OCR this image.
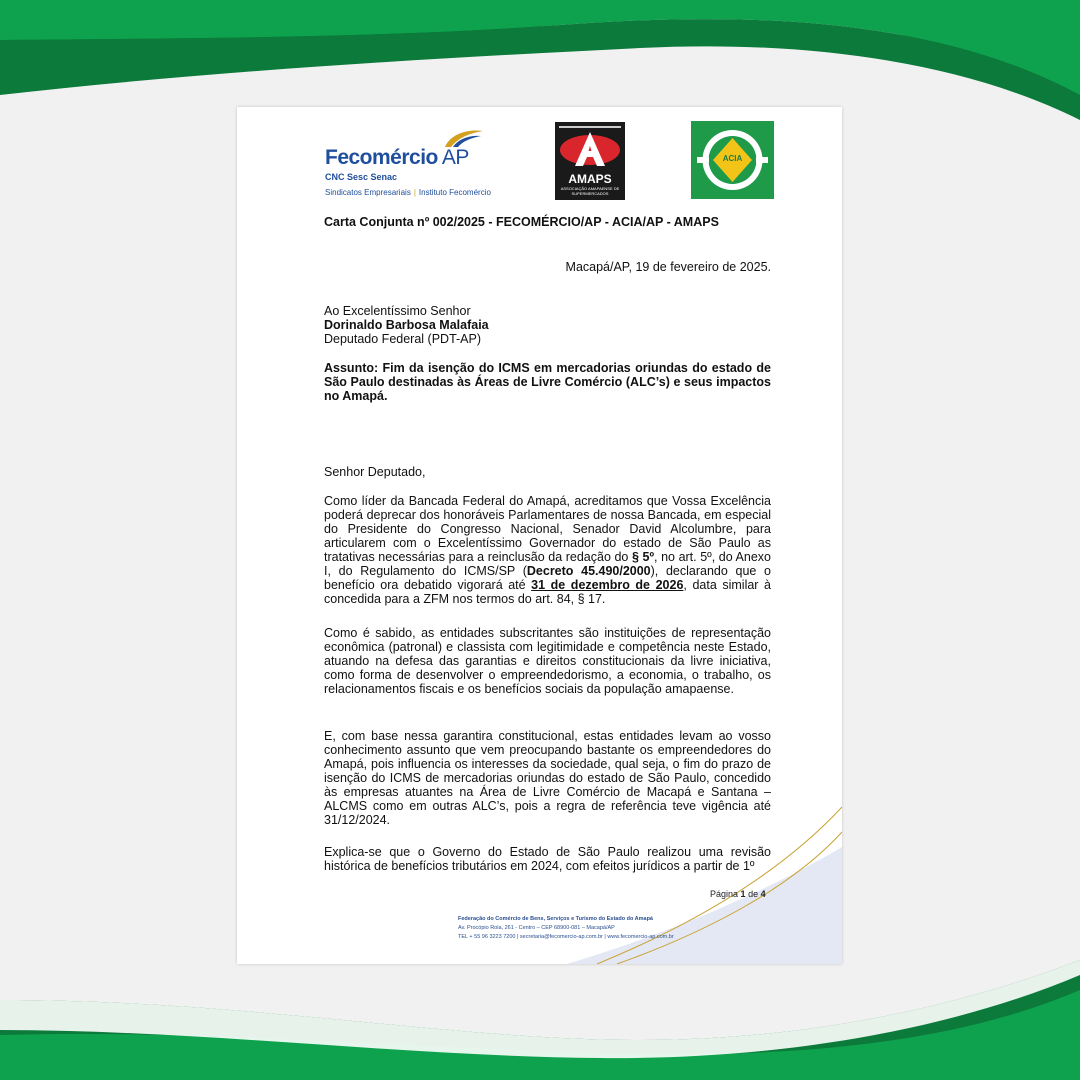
Fecomércio AP
CNC Sesc Senac
Sindicatos Empresariais | Instituto Fecomércio
AMAPS
ASSOCIAÇÃO AMAPAENSE DE SUPERMERCADOS
ACIA
Carta Conjunta nº 002/2025 - FECOMÉRCIO/AP - ACIA/AP - AMAPS
Macapá/AP, 19 de fevereiro de 2025.
Ao Excelentíssimo Senhor
Dorinaldo Barbosa Malafaia
Deputado Federal (PDT-AP)
Assunto: Fim da isenção do ICMS em mercadorias oriundas do estado de São Paulo destinadas às Áreas de Livre Comércio (ALC’s) e seus impactos no Amapá.

Senhor Deputado,

Como líder da Bancada Federal do Amapá, acreditamos que Vossa Excelência poderá deprecar dos honoráveis Parlamentares de nossa Bancada, em especial do Presidente do Congresso Nacional, Senador David Alcolumbre, para articularem com o Excelentíssimo Governador do estado de São Paulo as tratativas necessárias para a reinclusão da redação do § 5º, no art. 5º, do Anexo I, do Regulamento do ICMS/SP (Decreto 45.490/2000), declarando que o benefício ora debatido vigorará até 31 de dezembro de 2026, data similar à concedida para a ZFM nos termos do art. 84, § 17.

Como é sabido, as entidades subscritantes são instituições de representação econômica (patronal) e classista com legitimidade e competência neste Estado, atuando na defesa das garantias e direitos constitucionais da livre iniciativa, como forma de desenvolver o empreendedorismo, a economia, o trabalho, os relacionamentos fiscais e os benefícios sociais da população amapaense.

E, com base nessa garantira constitucional, estas entidades levam ao vosso conhecimento assunto que vem preocupando bastante os empreendedores do Amapá, pois influencia os interesses da sociedade, qual seja, o fim do prazo de isenção do ICMS de mercadorias oriundas do estado de São Paulo, concedido às empresas atuantes na Área de Livre Comércio de Macapá e Santana – ALCMS como em outras ALC’s, pois a regra de referência teve vigência até 31/12/2024.

Explica-se que o Governo do Estado de São Paulo realizou uma revisão histórica de benefícios tributários em 2024, com efeitos jurídicos a partir de 1º

Página 1 de 4
Federação do Comércio de Bens, Serviços e Turismo do Estado do Amapá
Av. Procópio Rola, 261 - Centro – CEP 68900-081 – Macapá/AP
TEL + 55 96 3223 7200 | secretaria@fecomercio-ap.com.br | www.fecomercio-ap.com.br
